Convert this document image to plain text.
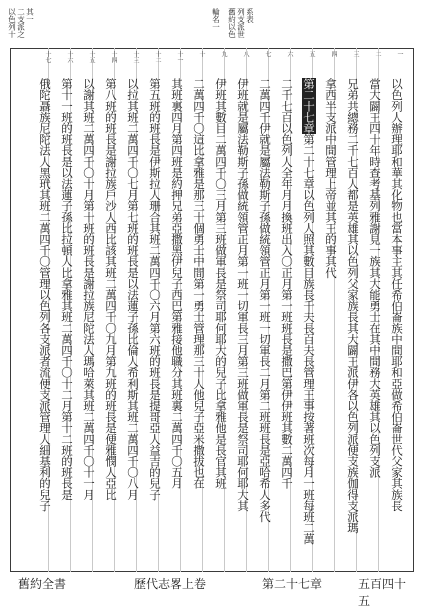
以色列十 二支派之 其一	輪名一 舊約以色 列支派世 系表
一
二
三
四
五
六
七
八
九
十
十一
十二
十三
十四
十五
十六
十七
以色列人辦理耶和華其化物也當本事主其任希伯崙族中間耶和亞做希伯崙世代父家其族長
當大闢王四十年時查考基列雅謝見一族其大能勇士在其中間務大英雄其以色列支派
兄弟共總務二千七百人都是英雄其以色列父家族長其大闢王派伊各以色列派便支族伽得支派瑪
拿西半支派中間管理上帝並其王的事其代
第二十七章第二十七章以色列人照其數目族長千夫長百夫長管理王事按著班次每月一班每班二萬
二千七百以色列人全年月月換班出入〇正月第一班班長是撒巴第伊伊班其數二萬四千
二萬四千伊就是屬法勒斯子孫做統領管正月第一班一切軍長二月第二班班長是亞哈希人多代
伊班就是屬法勒斯子孫做統領管正月第一班一切軍長三月第三班做軍長是祭司耶何耶大其
伊班其數目二萬四千〇三月第三班做軍長是祭司耶何耶大的兒子比拿雅他是長官其班
二萬四千〇這比拿雅是那三十個勇士中間第一勇士管理那三十人他兒子亞米撒拔也在
其班裏四月第四班是約押兄弟亞撒黑伊兒子西巴第雅接他職分其班裏二萬四千〇五月
第五班的班長是伊斯拉人珊合其班二萬四千〇六月第六班的班長是提哥亞人益吉的兒子
以拉其班二萬四千〇七月第七班的班長是以法蓮子孫比倫人希利斯其班二萬四千〇八月
第八班的班長是謝拉族戶沙人西比該其班二萬四千〇九月第九班的班長是便雅憫人亞比
以謝其班二萬四千〇十月第十班的班長是謝拉族尼陀法人瑪哈萊其班二萬四千〇十一月
第十一班的班長是以法蓮子孫比拉頓人比拿雅其班二萬四千〇十二月第十二班的班長是
俄陀聶族尼陀法人黑玳其班二萬四千〇管理以色列各支派者流便支派管理人細基利的兒子
舊約全書	歷代志畧上卷	第二十七章	五百四十五
